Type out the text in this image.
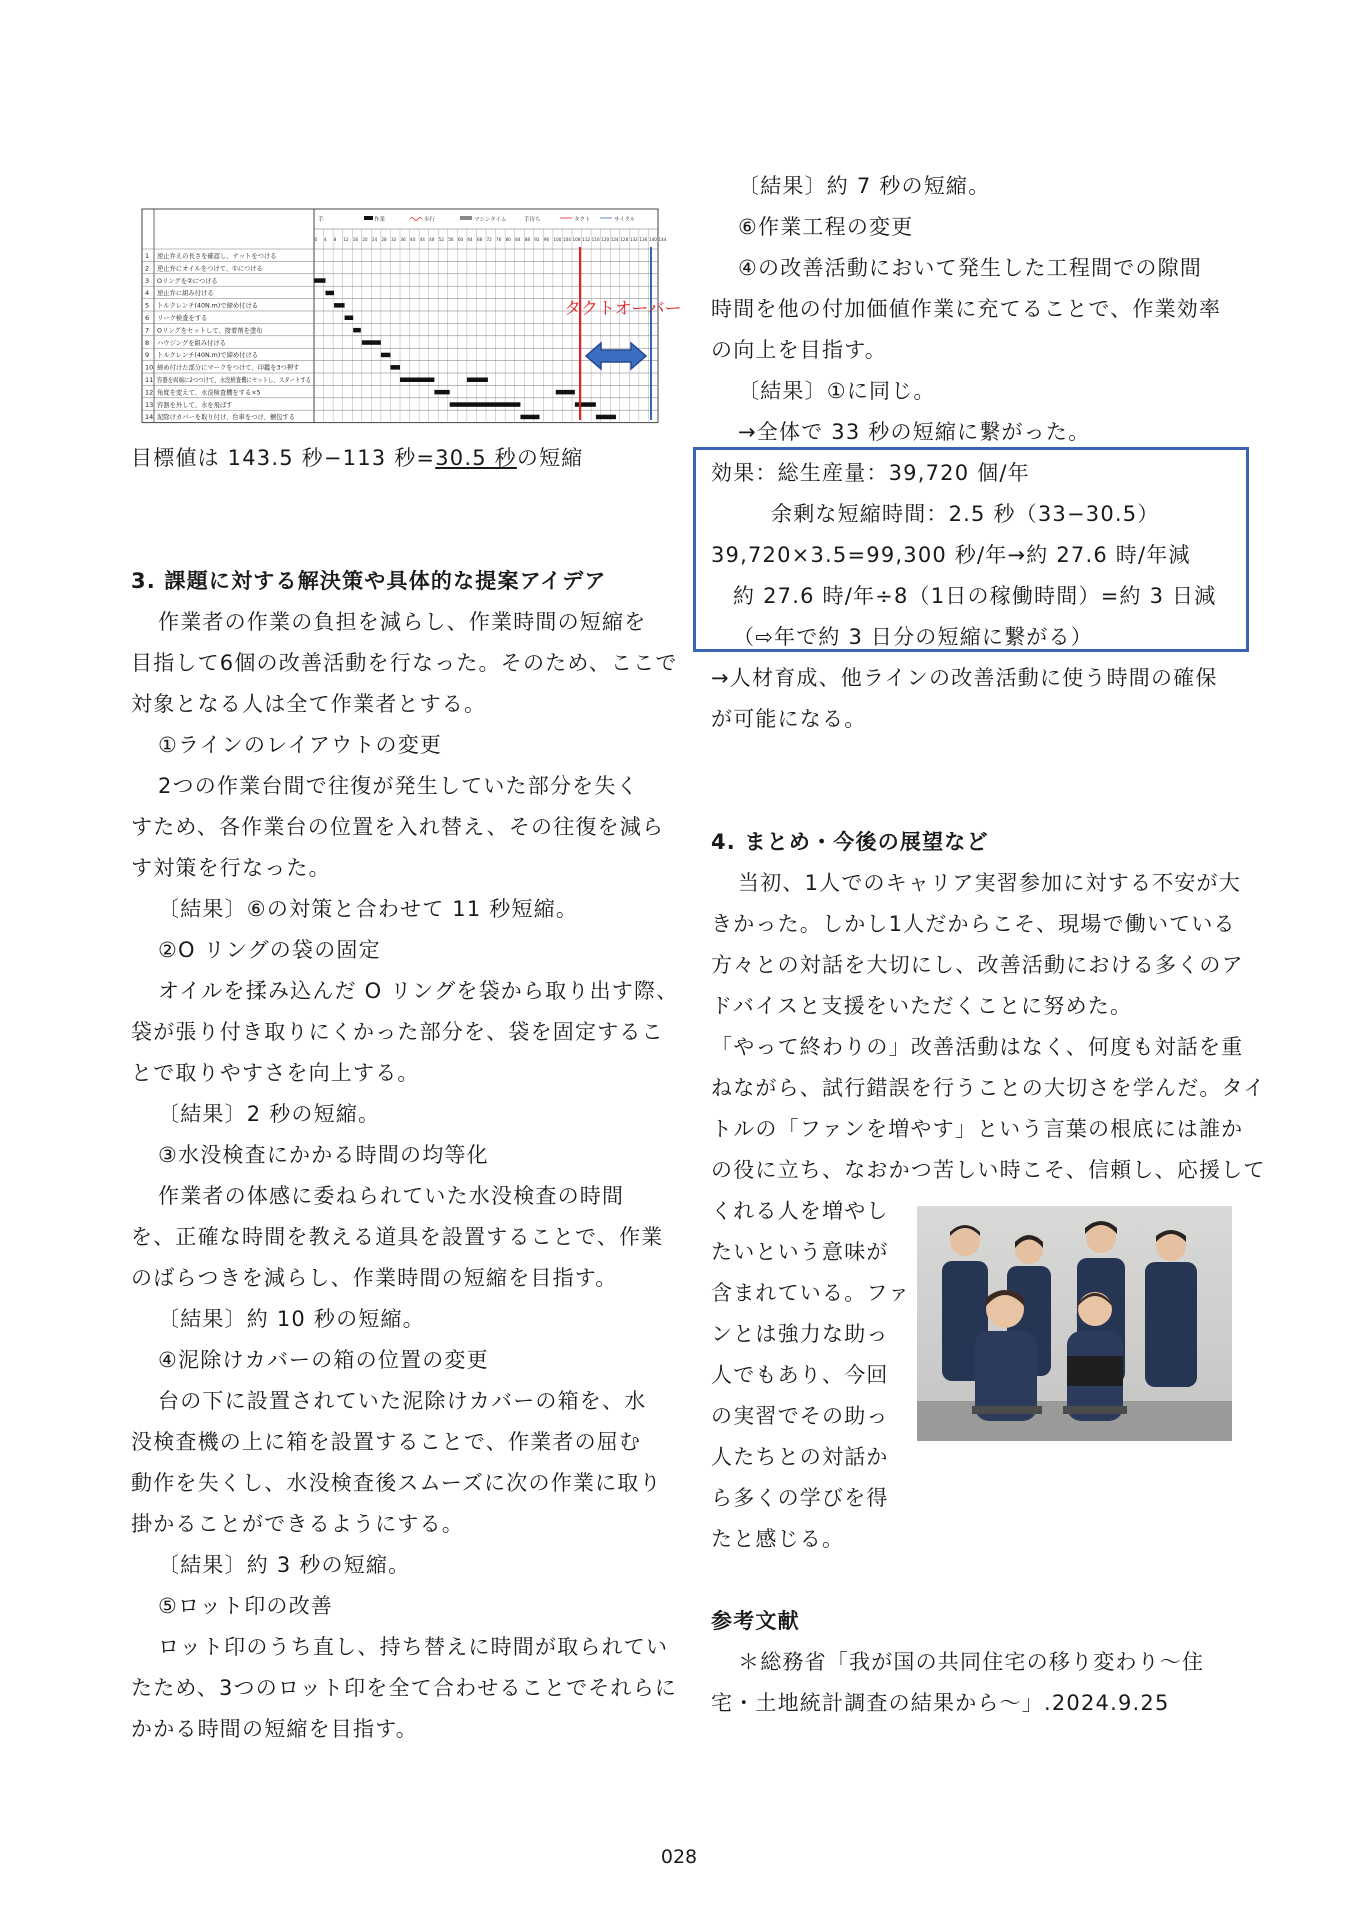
1 逆止弁えの長さを確認し、ナットをつける
2 逆止弁にオイルをつけて、①につける
3 Oリングを②につける
4 逆止弁に組み付ける
5 トルクレンチ(40N.m)で締め付ける
6 リーク検査をする
7 Oリングをセットして、接着剤を塗布
8 ハウジングを組み付ける
9 トルクレンチ(40N.m)で締め付ける
10 締め付けた部分にマークをつけて、印鑑を3つ押す
11 容器を両端に2つつけて、水没検査機にセットし、スタートする
12 角度を変えて、水没検査機をする×5
13 容器を外して、水を飛ばす
14 泥除けカバーを取り付け、台車をつけ、梱包する
手	作業	歩行	マシンタイム	手待ち	タクト	サイクル
0 4 8 12 16 20 24 28 32 36 40 44 48 52 56 60 64 68 72 76 80 84 88 92 96 100 104 108 112 116 120 124 128 132 136 140 144
タクトオーバー

目標値は 143.5 秒−113 秒=30.5 秒の短縮

3. 課題に対する解決策や具体的な提案アイデア

作業者の作業の負担を減らし、作業時間の短縮を

目指して6個の改善活動を行なった。そのため、ここで

対象となる人は全て作業者とする。

①ラインのレイアウトの変更

2つの作業台間で往復が発生していた部分を失く

すため、各作業台の位置を入れ替え、その往復を減ら

す対策を行なった。

〔結果〕⑥の対策と合わせて 11 秒短縮。

②O リングの袋の固定

オイルを揉み込んだ O リングを袋から取り出す際、

袋が張り付き取りにくかった部分を、袋を固定するこ

とで取りやすさを向上する。

〔結果〕2 秒の短縮。

③水没検査にかかる時間の均等化

作業者の体感に委ねられていた水没検査の時間

を、正確な時間を教える道具を設置することで、作業

のばらつきを減らし、作業時間の短縮を目指す。

〔結果〕約 10 秒の短縮。

④泥除けカバーの箱の位置の変更

台の下に設置されていた泥除けカバーの箱を、水

没検査機の上に箱を設置することで、作業者の屈む

動作を失くし、水没検査後スムーズに次の作業に取り

掛かることができるようにする。

〔結果〕約 3 秒の短縮。

⑤ロット印の改善

ロット印のうち直し、持ち替えに時間が取られてい

たため、3つのロット印を全て合わせることでそれらに

かかる時間の短縮を目指す。

〔結果〕約 7 秒の短縮。

⑥作業工程の変更

④の改善活動において発生した工程間での隙間

時間を他の付加価値作業に充てることで、作業効率

の向上を目指す。

〔結果〕①に同じ。

→全体で 33 秒の短縮に繋がった。

効果：総生産量：39,720 個/年

余剰な短縮時間：2.5 秒（33−30.5）

39,720×3.5=99,300 秒/年→約 27.6 時/年減

約 27.6 時/年÷8（1日の稼働時間）=約 3 日減

（⇨年で約 3 日分の短縮に繋がる）

→人材育成、他ラインの改善活動に使う時間の確保

が可能になる。

4. まとめ・今後の展望など

当初、1人でのキャリア実習参加に対する不安が大

きかった。しかし1人だからこそ、現場で働いている

方々との対話を大切にし、改善活動における多くのア

ドバイスと支援をいただくことに努めた。

「やって終わりの」改善活動はなく、何度も対話を重

ねながら、試行錯誤を行うことの大切さを学んだ。タイ

トルの「ファンを増やす」という言葉の根底には誰か

の役に立ち、なおかつ苦しい時こそ、信頼し、応援して

くれる人を増やし

たいという意味が

含まれている。ファ

ンとは強力な助っ

人でもあり、今回

の実習でその助っ

人たちとの対話か

ら多くの学びを得

たと感じる。

参考文献

＊総務省「我が国の共同住宅の移り変わり～住

宅・土地統計調査の結果から～」.2024.9.25

028
